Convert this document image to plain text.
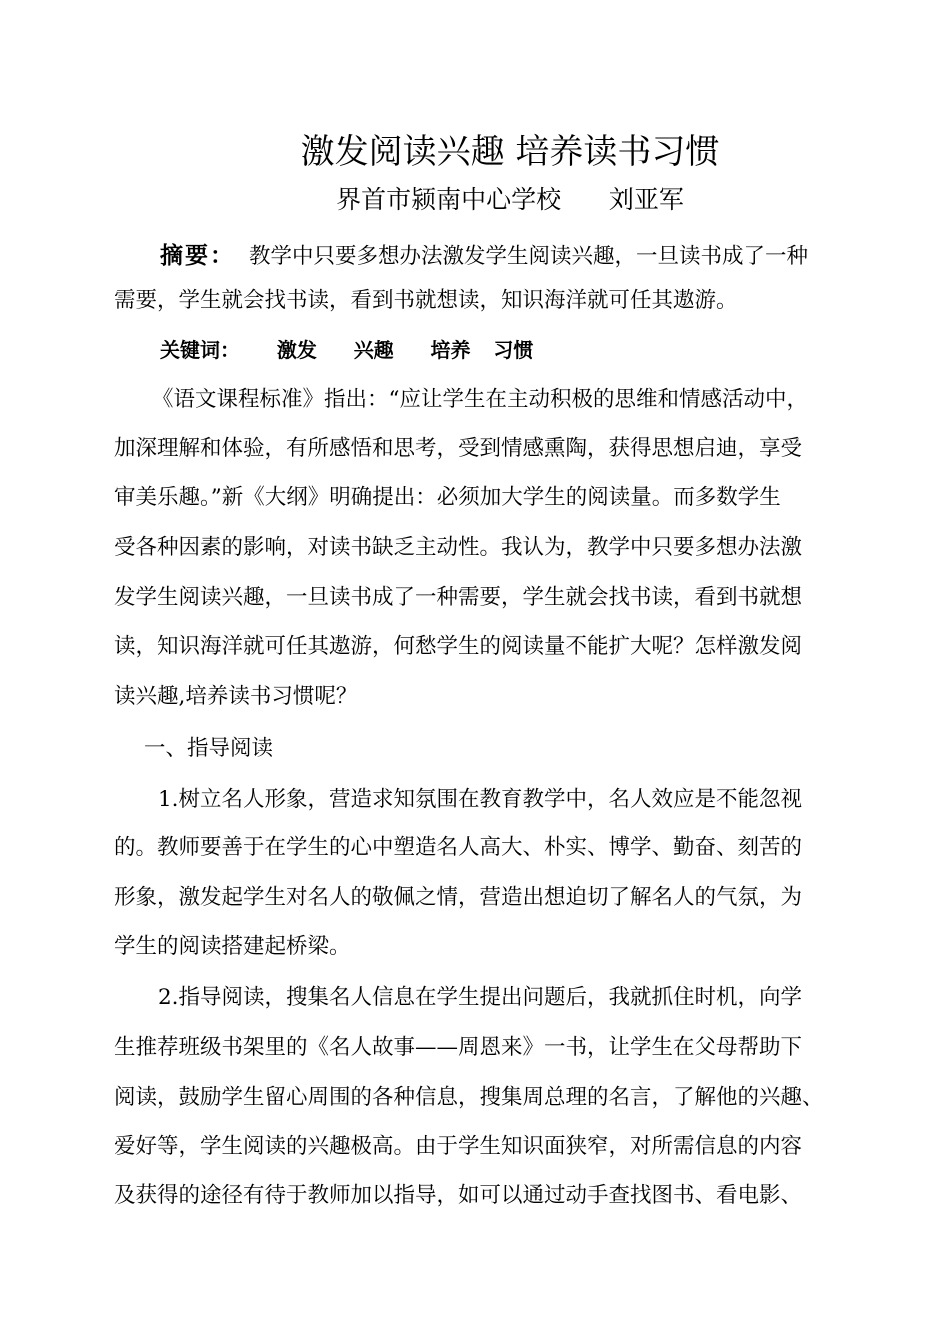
激发阅读兴趣 培养读书习惯
界首市颍南中心学校      刘亚军
摘要： 教学中只要多想办法激发学生阅读兴趣，一旦读书成了一种
需要，学生就会找书读，看到书就想读，知识海洋就可任其遨游。
关键词： 激发 兴趣 培养 习惯
《语文课程标准》指出：“应让学生在主动积极的思维和情感活动中，
加深理解和体验，有所感悟和思考，受到情感熏陶，获得思想启迪，享受
审美乐趣。”新《大纲》明确提出：必须加大学生的阅读量。而多数学生
受各种因素的影响，对读书缺乏主动性。我认为，教学中只要多想办法激
发学生阅读兴趣，一旦读书成了一种需要，学生就会找书读，看到书就想
读，知识海洋就可任其遨游，何愁学生的阅读量不能扩大呢？怎样激发阅
读兴趣,培养读书习惯呢？
一、指导阅读
1.树立名人形象，营造求知氛围在教育教学中，名人效应是不能忽视
的。教师要善于在学生的心中塑造名人高大、朴实、博学、勤奋、刻苦的
形象，激发起学生对名人的敬佩之情，营造出想迫切了解名人的气氛，为
学生的阅读搭建起桥梁。
2.指导阅读，搜集名人信息在学生提出问题后，我就抓住时机，向学
生推荐班级书架里的《名人故事——周恩来》一书，让学生在父母帮助下
阅读，鼓励学生留心周围的各种信息，搜集周总理的名言，了解他的兴趣、
爱好等，学生阅读的兴趣极高。由于学生知识面狭窄，对所需信息的内容
及获得的途径有待于教师加以指导，如可以通过动手查找图书、看电影、
